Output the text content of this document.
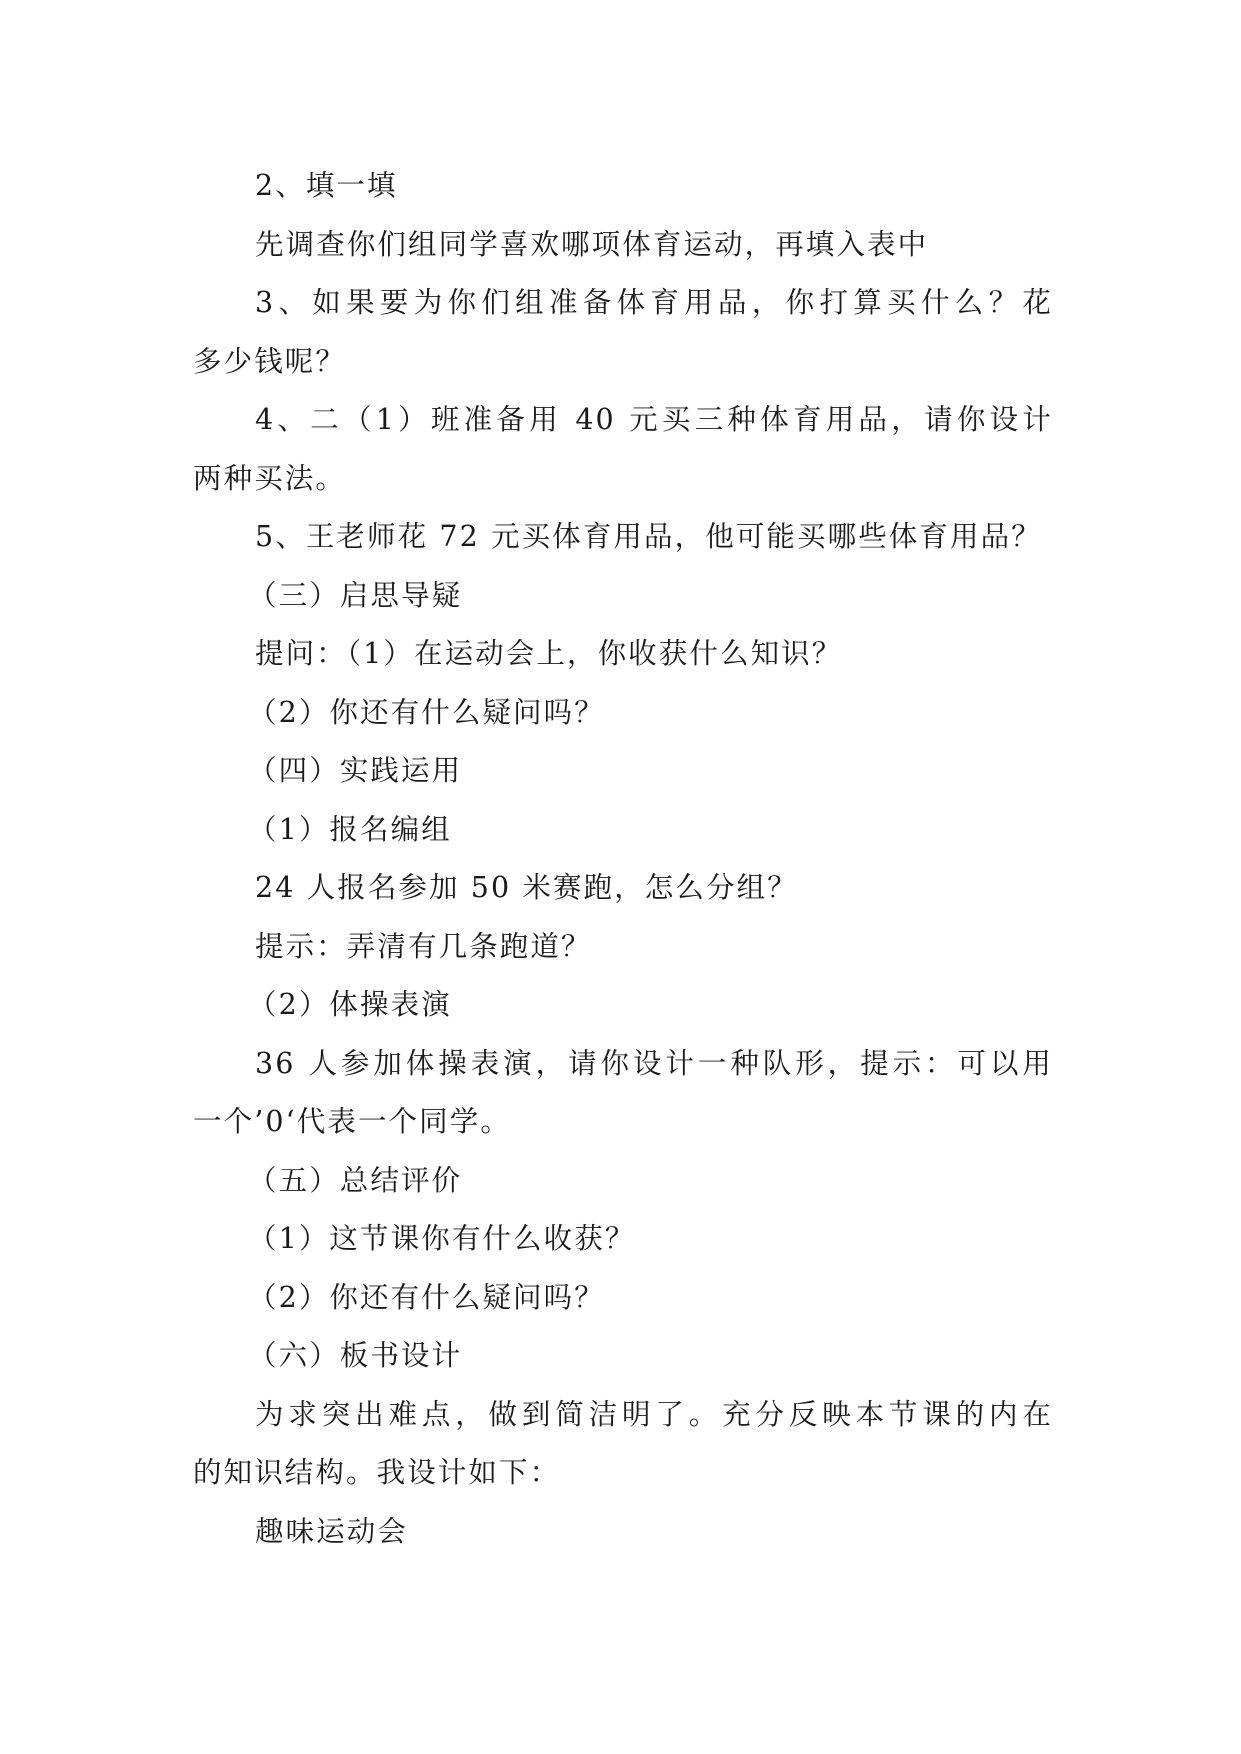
2、填一填
先调查你们组同学喜欢哪项体育运动，再填入表中
3、如果要为你们组准备体育用品，你打算买什么？花
多少钱呢？
4、二（1）班准备用 40 元买三种体育用品，请你设计
两种买法。
5、王老师花 72 元买体育用品，他可能买哪些体育用品？
（三）启思导疑
提问：（1）在运动会上，你收获什么知识？
（2）你还有什么疑问吗？
（四）实践运用
（1）报名编组
24 人报名参加 50 米赛跑，怎么分组？
提示：弄清有几条跑道？
（2）体操表演
36 人参加体操表演，请你设计一种队形，提示：可以用
一个’0‘代表一个同学。
（五）总结评价
（1）这节课你有什么收获？
（2）你还有什么疑问吗？
（六）板书设计
为求突出难点，做到简洁明了。充分反映本节课的内在
的知识结构。我设计如下：
趣味运动会
